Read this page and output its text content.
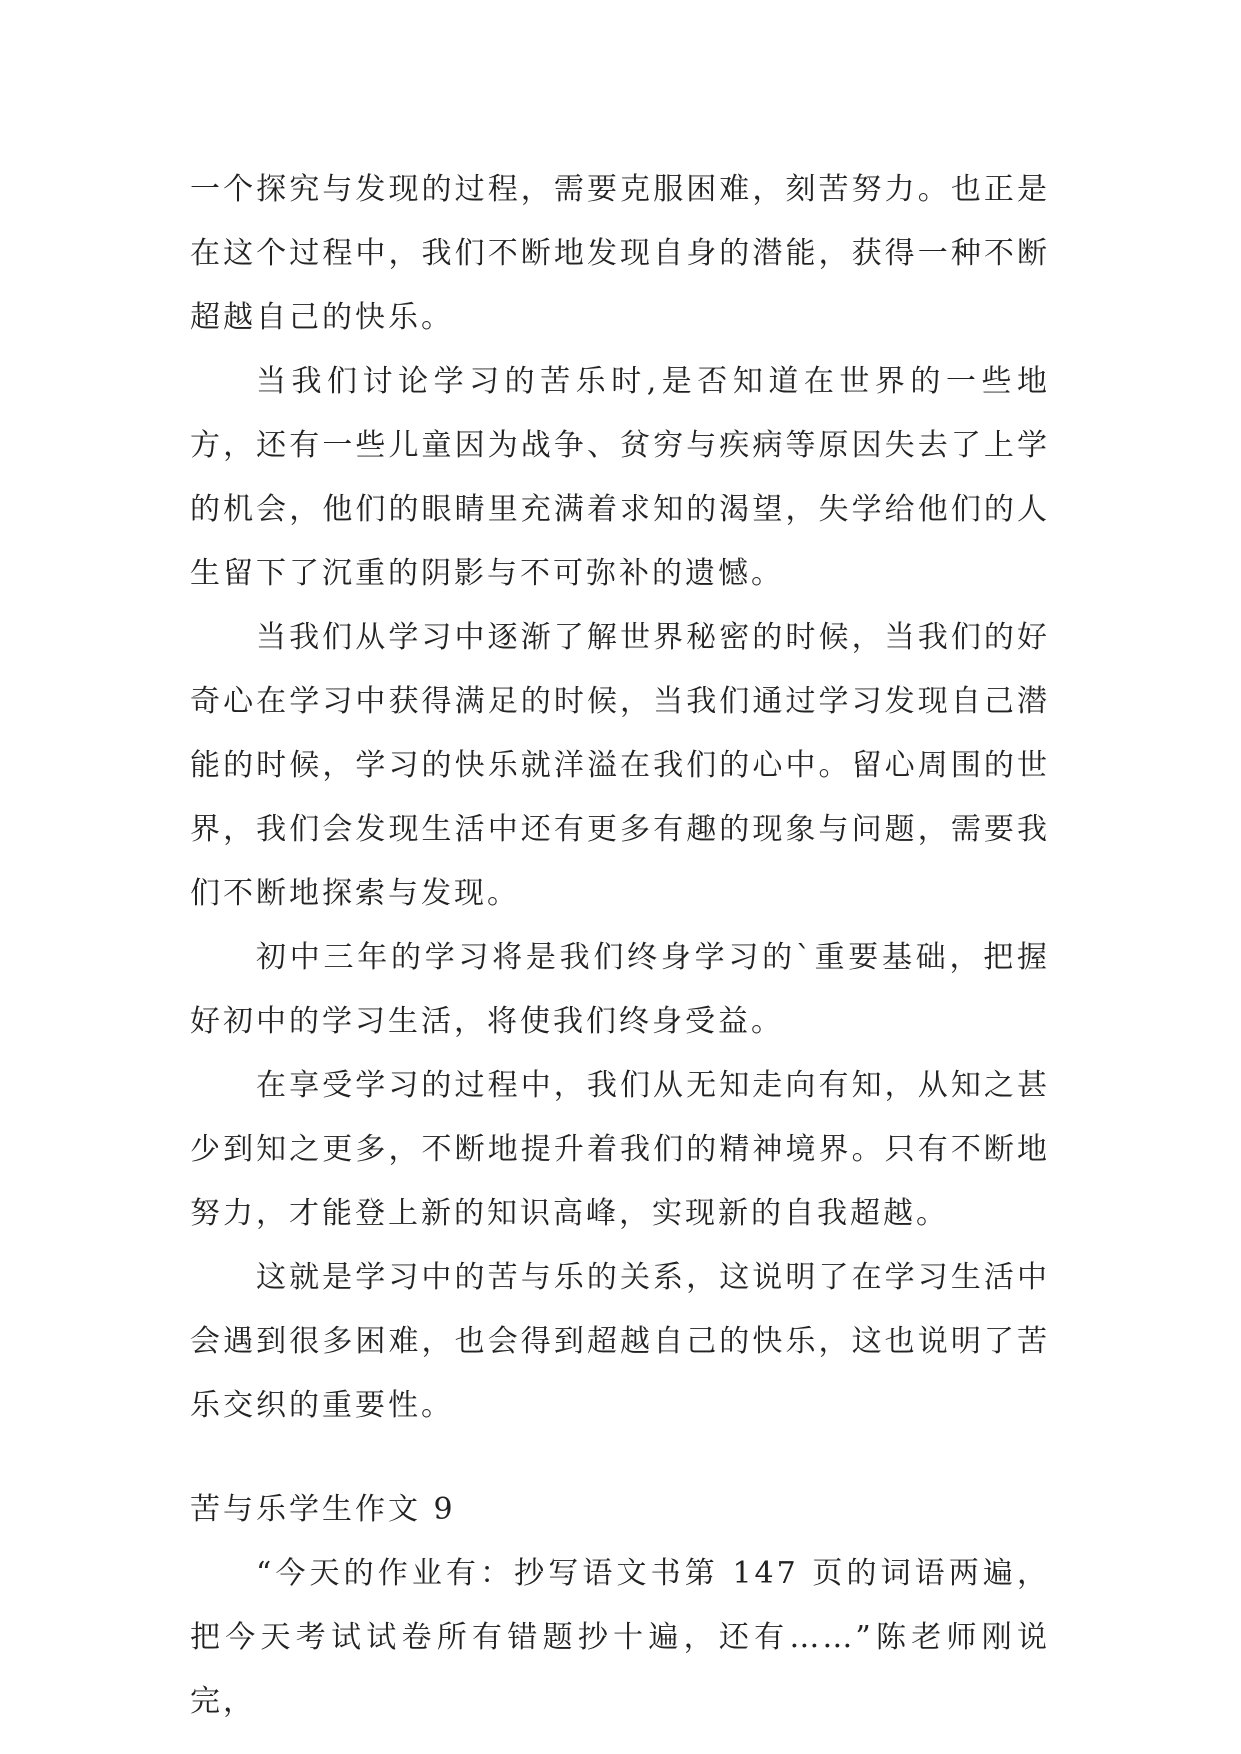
一个探究与发现的过程，需要克服困难，刻苦努力。也正是在这个过程中，我们不断地发现自身的潜能，获得一种不断超越自己的快乐。

当我们讨论学习的苦乐时,是否知道在世界的一些地方，还有一些儿童因为战争、贫穷与疾病等原因失去了上学的机会，他们的眼睛里充满着求知的渴望，失学给他们的人生留下了沉重的阴影与不可弥补的遗憾。

当我们从学习中逐渐了解世界秘密的时候，当我们的好奇心在学习中获得满足的时候，当我们通过学习发现自己潜能的时候，学习的快乐就洋溢在我们的心中。留心周围的世界，我们会发现生活中还有更多有趣的现象与问题，需要我们不断地探索与发现。

初中三年的学习将是我们终身学习的`重要基础，把握好初中的学习生活，将使我们终身受益。

在享受学习的过程中，我们从无知走向有知，从知之甚少到知之更多，不断地提升着我们的精神境界。只有不断地努力，才能登上新的知识高峰，实现新的自我超越。

这就是学习中的苦与乐的关系，这说明了在学习生活中会遇到很多困难，也会得到超越自己的快乐，这也说明了苦乐交织的重要性。

苦与乐学生作文 9

“今天的作业有：抄写语文书第 147 页的词语两遍，把今天考试试卷所有错题抄十遍，还有……”陈老师刚说完，
